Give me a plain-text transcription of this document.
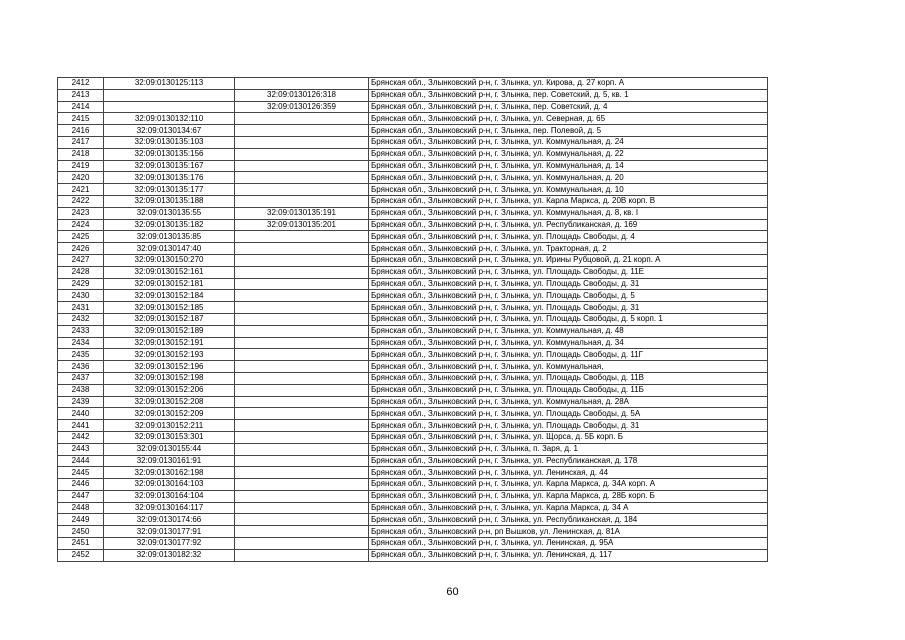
2412	32:09:0130125:113		Брянская обл., Злынковский р-н, г. Злынка, ул. Кирова, д. 27 корп. А
2413		32:09:0130126:318	Брянская обл., Злынковский р-н, г. Злынка, пер. Советский, д. 5, кв. 1
2414		32:09:0130126:359	Брянская обл., Злынковский р-н, г. Злынка, пер. Советский, д. 4
2415	32:09:0130132:110		Брянская обл., Злынковский р-н, г. Злынка, ул. Северная, д. 65
2416	32:09:0130134:67		Брянская обл., Злынковский р-н, г. Злынка, пер. Полевой, д. 5
2417	32:09:0130135:103		Брянская обл., Злынковский р-н, г. Злынка, ул. Коммунальная, д. 24
2418	32:09:0130135:156		Брянская обл., Злынковский р-н, г. Злынка, ул. Коммунальная, д. 22
2419	32:09:0130135:167		Брянская обл., Злынковский р-н, г. Злынка, ул. Коммунальная, д. 14
2420	32:09:0130135:176		Брянская обл., Злынковский р-н, г. Злынка, ул. Коммунальная, д. 20
2421	32:09:0130135:177		Брянская обл., Злынковский р-н, г. Злынка, ул. Коммунальная, д. 10
2422	32:09:0130135:188		Брянская обл., Злынковский р-н, г. Злынка, ул. Карла Маркса, д. 20В корп. В
2423	32:09:0130135:55	32:09:0130135:191	Брянская обл., Злынковский р-н, г. Злынка, ул. Коммунальная, д. 8, кв. I
2424	32:09:0130135:182	32:09:0130135:201	Брянская обл., Злынковский р-н, г. Злынка, ул. Республиканская, д. 169
2425	32:09:0130135:85		Брянская обл., Злынковский р-н, г. Злынка, ул. Площадь Свободы, д. 4
2426	32:09:0130147:40		Брянская обл., Злынковский р-н, г. Злынка, ул. Тракторная, д. 2
2427	32:09:0130150:270		Брянская обл., Злынковский р-н, г. Злынка, ул. Ирины Рубцовой, д. 21 корп. А
2428	32:09:0130152:161		Брянская обл., Злынковский р-н, г. Злынка, ул. Площадь Свободы, д. 11Е
2429	32:09:0130152:181		Брянская обл., Злынковский р-н, г. Злынка, ул. Площадь Свободы, д. 31
2430	32:09:0130152:184		Брянская обл., Злынковский р-н, г. Злынка, ул. Площадь Свободы, д. 5
2431	32:09:0130152:185		Брянская обл., Злынковский р-н, г. Злынка, ул. Площадь Свободы, д. 31
2432	32:09:0130152:187		Брянская обл., Злынковский р-н, г. Злынка, ул. Площадь Свободы, д. 5 корп. 1
2433	32:09:0130152:189		Брянская обл., Злынковский р-н, г. Злынка, ул. Коммунальная, д. 48
2434	32:09:0130152:191		Брянская обл., Злынковский р-н, г. Злынка, ул. Коммунальная, д. 34
2435	32:09:0130152:193		Брянская обл., Злынковский р-н, г. Злынка, ул. Площадь Свободы, д. 11Г
2436	32:09:0130152:196		Брянская обл., Злынковский р-н, г. Злынка, ул. Коммунальная,
2437	32:09:0130152:198		Брянская обл., Злынковский р-н, г. Злынка, ул. Площадь Свободы, д. 11В
2438	32:09:0130152:206		Брянская обл., Злынковский р-н, г. Злынка, ул. Площадь Свободы, д. 11Б
2439	32:09:0130152:208		Брянская обл., Злынковский р-н, г. Злынка, ул. Коммунальная, д. 28А
2440	32:09:0130152:209		Брянская обл., Злынковский р-н, г. Злынка, ул. Площадь Свободы, д. 5А
2441	32:09:0130152:211		Брянская обл., Злынковский р-н, г. Злынка, ул. Площадь Свободы, д. 31
2442	32:09:0130153:301		Брянская обл., Злынковский р-н, г. Злынка, ул. Щорса, д. 5Б корп. Б
2443	32:09:0130155:44		Брянская обл., Злынковский р-н, г. Злынка, п. Заря, д. 1
2444	32:09:0130161:91		Брянская обл., Злынковский р-н, г. Злынка, ул. Республиканская, д. 178
2445	32:09:0130162:198		Брянская обл., Злынковский р-н, г. Злынка, ул. Ленинская, д. 44
2446	32:09:0130164:103		Брянская обл., Злынковский р-н, г. Злынка, ул. Карла Маркса, д. 34А корп. А
2447	32:09:0130164:104		Брянская обл., Злынковский р-н, г. Злынка, ул. Карла Маркса, д. 28Б корп. Б
2448	32:09:0130164:117		Брянская обл., Злынковский р-н, г. Злынка, ул. Карла Маркса, д. 34 А
2449	32:09:0130174:66		Брянская обл., Злынковский р-н, г. Злынка, ул. Республиканская, д. 184
2450	32:09:0130177:91		Брянская обл., Злынковский р-н, рп Вышков, ул. Ленинская, д. 81А
2451	32:09:0130177:92		Брянская обл., Злынковский р-н, г. Злынка, ул. Ленинская, д. 95А
2452	32:09:0130182:32		Брянская обл., Злынковский р-н, г. Злынка, ул. Ленинская, д. 117
60
